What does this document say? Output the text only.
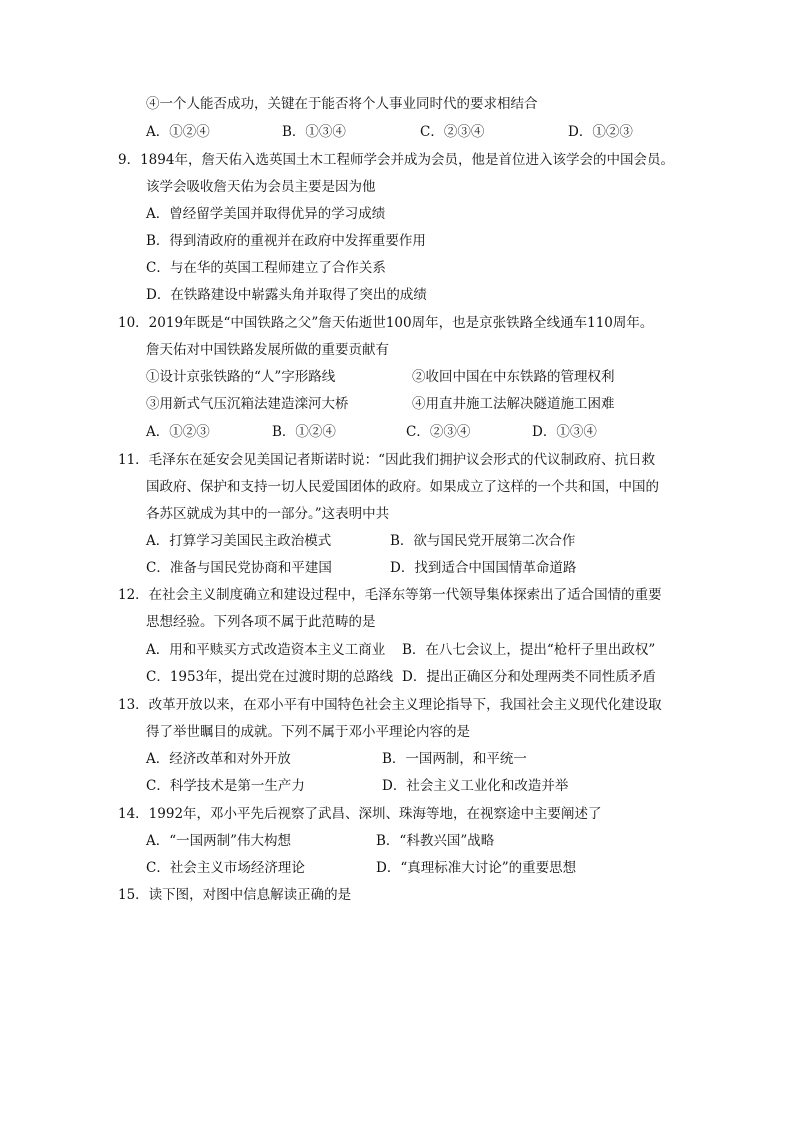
④一个人能否成功，关键在于能否将个人事业同时代的要求相结合
A．①②④	B．①③④	C．②③④	D．①②③
9．1894年，詹天佑入选英国土木工程师学会并成为会员，他是首位进入该学会的中国会员。
该学会吸收詹天佑为会员主要是因为他
A．曾经留学美国并取得优异的学习成绩
B．得到清政府的重视并在政府中发挥重要作用
C．与在华的英国工程师建立了合作关系
D．在铁路建设中崭露头角并取得了突出的成绩
10．2019年既是“中国铁路之父”詹天佑逝世100周年，也是京张铁路全线通车110周年。
詹天佑对中国铁路发展所做的重要贡献有
①设计京张铁路的“人”字形路线	②收回中国在中东铁路的管理权利
③用新式气压沉箱法建造滦河大桥	④用直井施工法解决隧道施工困难
A．①②③	B．①②④	C．②③④	D．①③④
11．毛泽东在延安会见美国记者斯诺时说：“因此我们拥护议会形式的代议制政府、抗日救
国政府、保护和支持一切人民爱国团体的政府。如果成立了这样的一个共和国，中国的
各苏区就成为其中的一部分。”这表明中共
A．打算学习美国民主政治模式	B．欲与国民党开展第二次合作
C．准备与国民党协商和平建国	D．找到适合中国国情革命道路
12．在社会主义制度确立和建设过程中，毛泽东等第一代领导集体探索出了适合国情的重要
思想经验。下列各项不属于此范畴的是
A．用和平赎买方式改造资本主义工商业 B．在八七会议上，提出“枪杆子里出政权”
C．1953年，提出党在过渡时期的总路线 D．提出正确区分和处理两类不同性质矛盾
13．改革开放以来，在邓小平有中国特色社会主义理论指导下，我国社会主义现代化建设取
得了举世瞩目的成就。下列不属于邓小平理论内容的是
A．经济改革和对外开放	B．一国两制，和平统一
C．科学技术是第一生产力	D．社会主义工业化和改造并举
14．1992年，邓小平先后视察了武昌、深圳、珠海等地，在视察途中主要阐述了
A．“一国两制”伟大构想	B．“科教兴国”战略
C．社会主义市场经济理论	D．“真理标准大讨论”的重要思想
15．读下图，对图中信息解读正确的是
